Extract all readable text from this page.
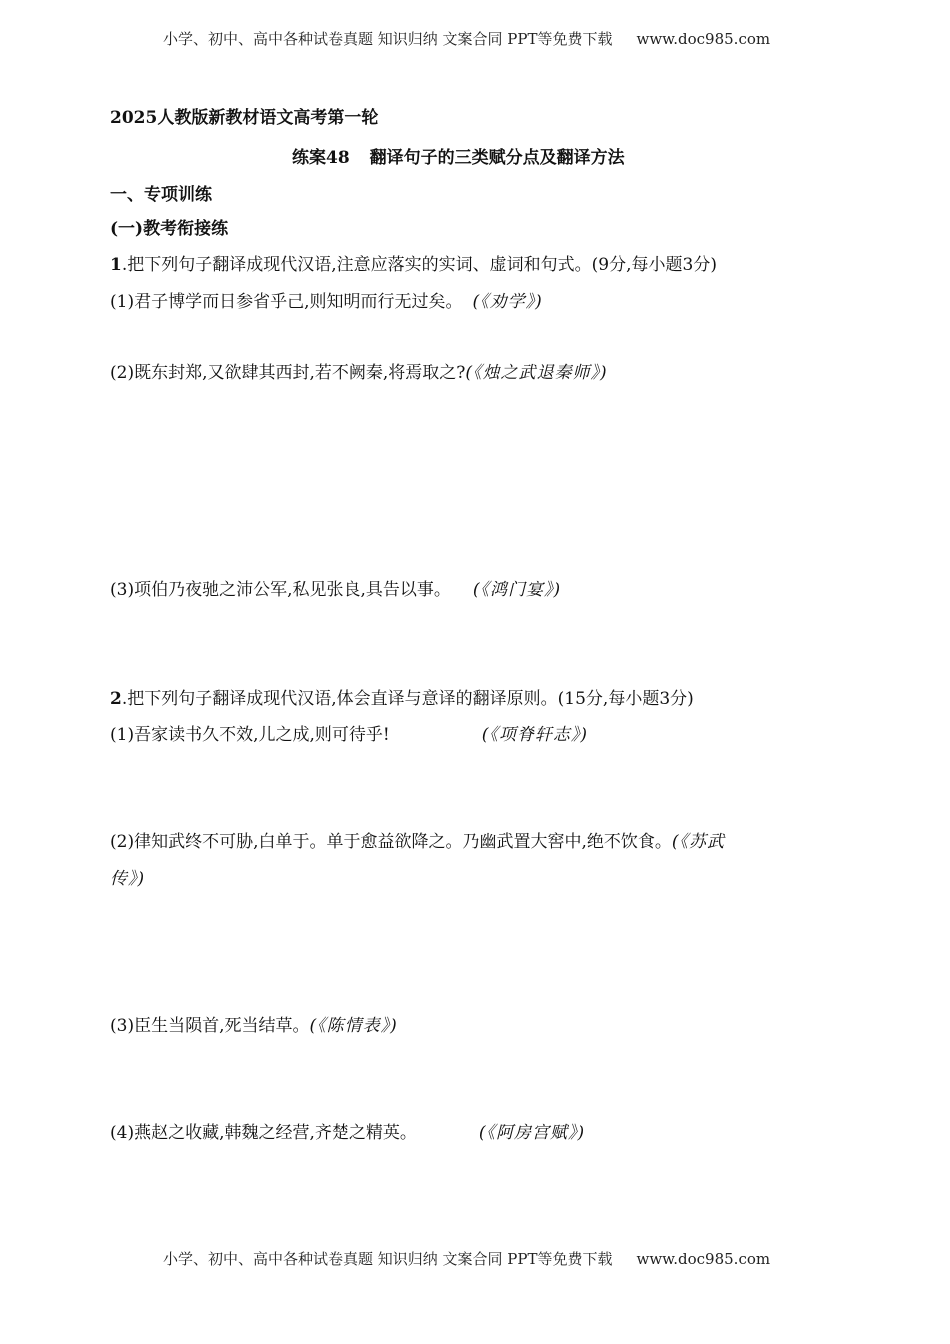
小学、初中、高中各种试卷真题 知识归纳 文案合同 PPT等免费下载 www.doc985.com
2025人教版新教材语文高考第一轮
练案48 翻译句子的三类赋分点及翻译方法
一、专项训练
(一)教考衔接练
1.把下列句子翻译成现代汉语,注意应落实的实词、虚词和句式。(9分,每小题3分)
(1)君子博学而日参省乎己,则知明而行无过矣。 (《劝学》)
(2)既东封郑,又欲肆其西封,若不阙秦,将焉取之?(《烛之武退秦师》)
(3)项伯乃夜驰之沛公军,私见张良,具告以事。 (《鸿门宴》)
2.把下列句子翻译成现代汉语,体会直译与意译的翻译原则。(15分,每小题3分)
(1)吾家读书久不效,儿之成,则可待乎!	(《项脊轩志》)
(2)律知武终不可胁,白单于。单于愈益欲降之。乃幽武置大窖中,绝不饮食。(《苏武
传》)
(3)臣生当陨首,死当结草。(《陈情表》)
(4)燕赵之收藏,韩魏之经营,齐楚之精英。	(《阿房宫赋》)
小学、初中、高中各种试卷真题 知识归纳 文案合同 PPT等免费下载 www.doc985.com
